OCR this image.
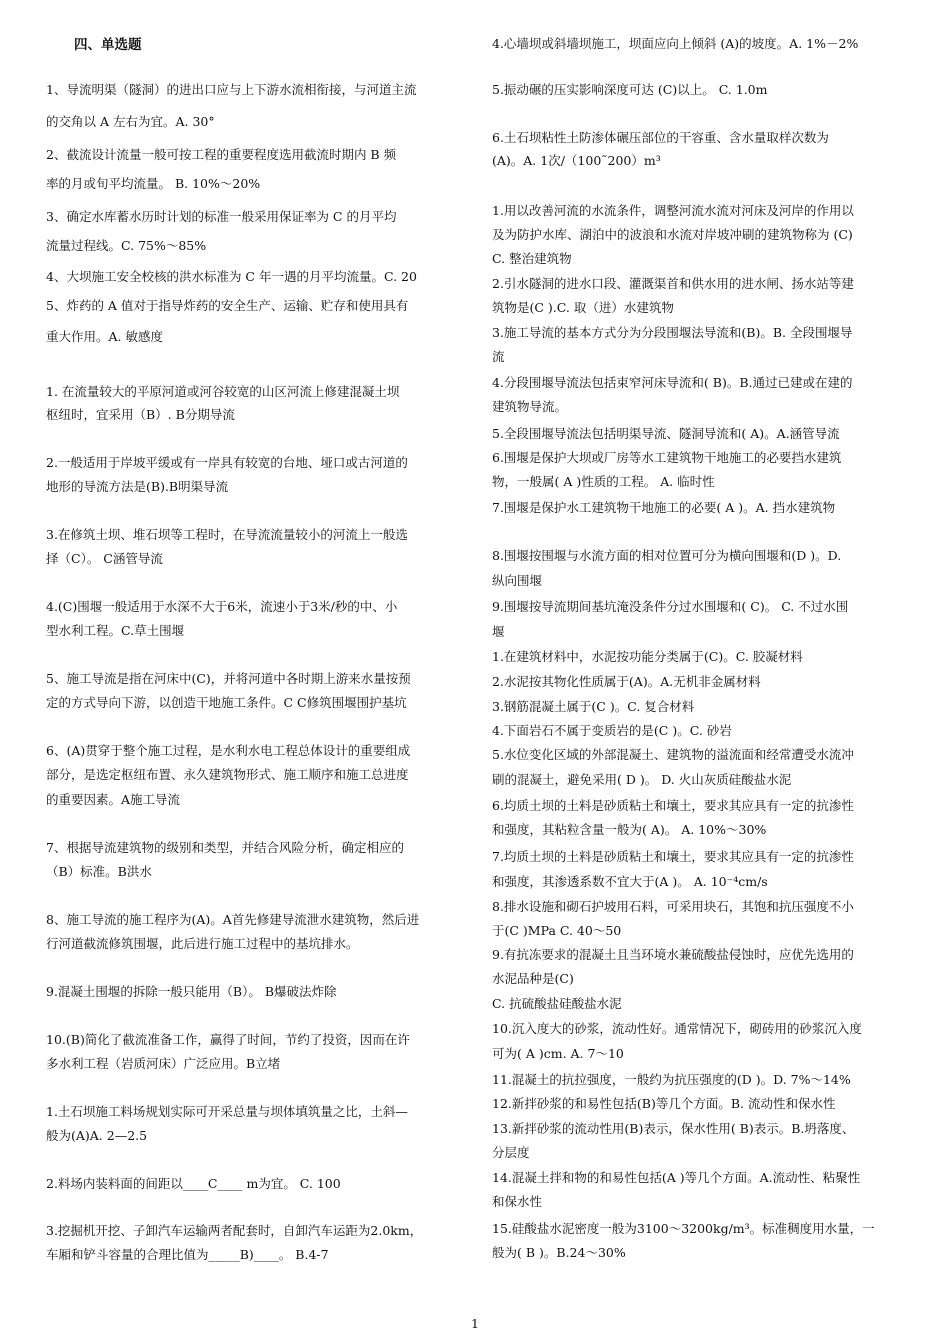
四、单选题
1、导流明渠（隧洞）的进出口应与上下游水流相衔接，与河道主流
的交角以 A 左右为宜。A. 30°
2、截流设计流量一般可按工程的重要程度选用截流时期内 B 频
率的月或旬平均流量。 B. 10%～20%
3、确定水库蓄水历时计划的标准一般采用保证率为 C 的月平均
流量过程线。C. 75%～85%
4、大坝施工安全校核的洪水标准为 C 年一遇的月平均流量。C. 20
5、炸药的 A 值对于指导炸药的安全生产、运输、贮存和使用具有
重大作用。A. 敏感度
1. 在流量较大的平原河道或河谷较宽的山区河流上修建混凝土坝
枢纽时，宜采用（B）. B分期导流
2.一般适用于岸坡平缓或有一岸具有较宽的台地、垭口或古河道的
地形的导流方法是(B).B明渠导流
3.在修筑土坝、堆石坝等工程时，在导流流量较小的河流上一般选
择（C）。 C涵管导流
4.(C)围堰一般适用于水深不大于6米，流速小于3米/秒的中、小
型水利工程。C.草土围堰
5、施工导流是指在河床中(C)，并将河道中各时期上游来水量按预
定的方式导向下游，以创造干地施工条件。C C修筑围堰围护基坑
6、(A)贯穿于整个施工过程，是水利水电工程总体设计的重要组成
部分，是选定枢纽布置、永久建筑物形式、施工顺序和施工总进度
的重要因素。A施工导流
7、根据导流建筑物的级别和类型，并结合风险分析，确定相应的
（B）标准。B洪水
8、施工导流的施工程序为(A)。A首先修建导流泄水建筑物，然后进
行河道截流修筑围堰，此后进行施工过程中的基坑排水。
9.混凝土围堰的拆除一般只能用（B）。 B爆破法炸除
10.(B)简化了截流准备工作，赢得了时间，节约了投资，因而在许
多水利工程（岩质河床）广泛应用。B立堵
1.土石坝施工料场规划实际可开采总量与坝体填筑量之比，土斜—
般为(A)A. 2—2.5
2.料场内装料面的间距以____C____ m为宜。 C. 100
3.挖掘机开挖、子卸汽车运输两者配套时，自卸汽车运距为2.0km，
车厢和铲斗容量的合理比值为_____B)____。 B.4-7
4.心墙坝或斜墙坝施工，坝面应向上倾斜 (A)的坡度。A. 1%－2%
5.振动碾的压实影响深度可达 (C)以上。 C. 1.0m
6.土石坝粘性土防渗体碾压部位的干容重、含水量取样次数为
(A)。A. 1次/（100˜200）m³
1.用以改善河流的水流条件，调整河流水流对河床及河岸的作用以
及为防护水库、湖泊中的波浪和水流对岸坡冲刷的建筑物称为 (C)
C. 整治建筑物
2.引水隧洞的进水口段、灌溉渠首和供水用的进水闸、扬水站等建
筑物是(C ).C. 取（进）水建筑物
3.施工导流的基本方式分为分段围堰法导流和(B)。B. 全段围堰导
流
4.分段围堰导流法包括束窄河床导流和( B)。B.通过已建或在建的
建筑物导流。
5.全段围堰导流法包括明渠导流、隧洞导流和( A)。A.涵管导流
6.围堰是保护大坝或厂房等水工建筑物干地施工的必要挡水建筑
物，一般属( A )性质的工程。 A. 临时性
7.围堰是保护水工建筑物干地施工的必要( A )。A. 挡水建筑物
8.围堰按围堰与水流方面的相对位置可分为横向围堰和(D )。D.
纵向围堰
9.围堰按导流期间基坑淹没条件分过水围堰和( C)。 C. 不过水围
堰
1.在建筑材料中，水泥按功能分类属于(C)。C. 胶凝材料
2.水泥按其物化性质属于(A)。A.无机非金属材料
3.钢筋混凝土属于(C )。C. 复合材料
4.下面岩石不属于变质岩的是(C )。C. 砂岩
5.水位变化区域的外部混凝土、建筑物的溢流面和经常遭受水流冲
刷的混凝土，避免采用( D )。 D. 火山灰质硅酸盐水泥
6.均质土坝的土料是砂质粘土和壤土，要求其应具有一定的抗渗性
和强度，其粘粒含量一般为( A)。 A. 10%～30%
7.均质土坝的土料是砂质粘土和壤土，要求其应具有一定的抗渗性
和强度，其渗透系数不宜大于(A )。 A. 10⁻⁴cm/s
8.排水设施和砌石护坡用石料，可采用块石，其饱和抗压强度不小
于(C )MPa C. 40～50
9.有抗冻要求的混凝土且当环境水兼硫酸盐侵蚀时，应优先选用的
水泥品种是(C)
C. 抗硫酸盐硅酸盐水泥
10.沉入度大的砂浆，流动性好。通常情况下，砌砖用的砂浆沉入度
可为( A )cm. A. 7～10
11.混凝土的抗拉强度，一般约为抗压强度的(D )。D. 7%～14%
12.新拌砂浆的和易性包括(B)等几个方面。B. 流动性和保水性
13.新拌砂浆的流动性用(B)表示，保水性用( B)表示。B.坍落度、
分层度
14.混凝土拌和物的和易性包括(A )等几个方面。A.流动性、粘聚性
和保水性
15.硅酸盐水泥密度一般为3100～3200kg/m³。标准稠度用水量，一
般为( B )。B.24～30%
1
